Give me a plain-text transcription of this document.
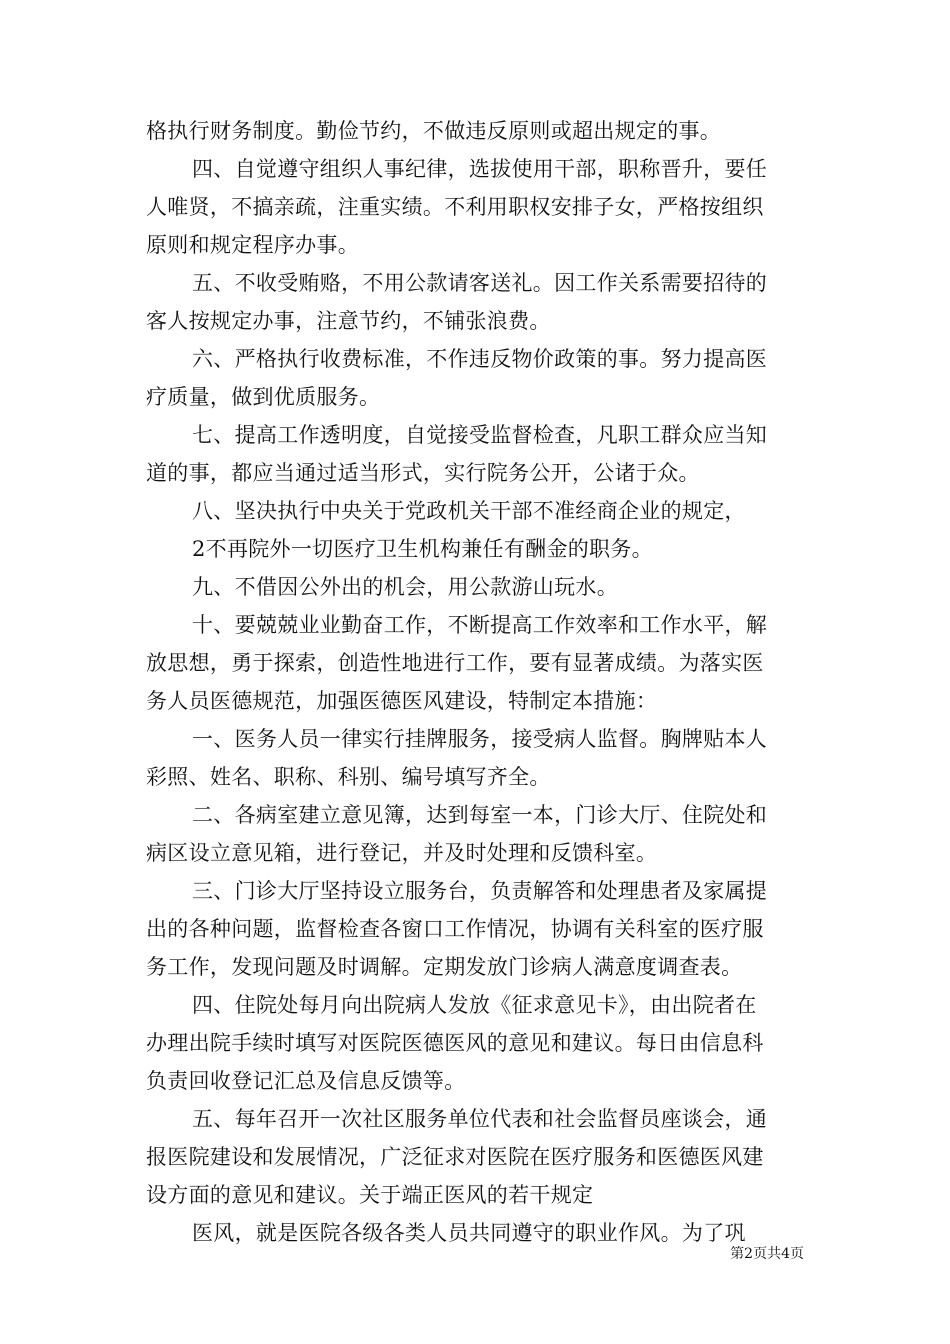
格执行财务制度。勤俭节约，不做违反原则或超出规定的事。
四、自觉遵守组织人事纪律，选拔使用干部，职称晋升，要任
人唯贤，不搞亲疏，注重实绩。不利用职权安排子女，严格按组织
原则和规定程序办事。
五、不收受贿赂，不用公款请客送礼。因工作关系需要招待的
客人按规定办事，注意节约，不铺张浪费。
六、严格执行收费标准，不作违反物价政策的事。努力提高医
疗质量，做到优质服务。
七、提高工作透明度，自觉接受监督检查，凡职工群众应当知
道的事，都应当通过适当形式，实行院务公开，公诸于众。
八、坚决执行中央关于党政机关干部不准经商企业的规定，
2不再院外一切医疗卫生机构兼任有酬金的职务。
九、不借因公外出的机会，用公款游山玩水。
十、要兢兢业业勤奋工作，不断提高工作效率和工作水平，解
放思想，勇于探索，创造性地进行工作，要有显著成绩。为落实医
务人员医德规范，加强医德医风建设，特制定本措施：
一、医务人员一律实行挂牌服务，接受病人监督。胸牌贴本人
彩照、姓名、职称、科别、编号填写齐全。
二、各病室建立意见簿，达到每室一本，门诊大厅、住院处和
病区设立意见箱，进行登记，并及时处理和反馈科室。
三、门诊大厅坚持设立服务台，负责解答和处理患者及家属提
出的各种问题，监督检查各窗口工作情况，协调有关科室的医疗服
务工作，发现问题及时调解。定期发放门诊病人满意度调查表。
四、住院处每月向出院病人发放《征求意见卡》，由出院者在
办理出院手续时填写对医院医德医风的意见和建议。每日由信息科
负责回收登记汇总及信息反馈等。
五、每年召开一次社区服务单位代表和社会监督员座谈会，通
报医院建设和发展情况，广泛征求对医院在医疗服务和医德医风建
设方面的意见和建议。关于端正医风的若干规定
医风，就是医院各级各类人员共同遵守的职业作风。为了巩
第2页共4页
